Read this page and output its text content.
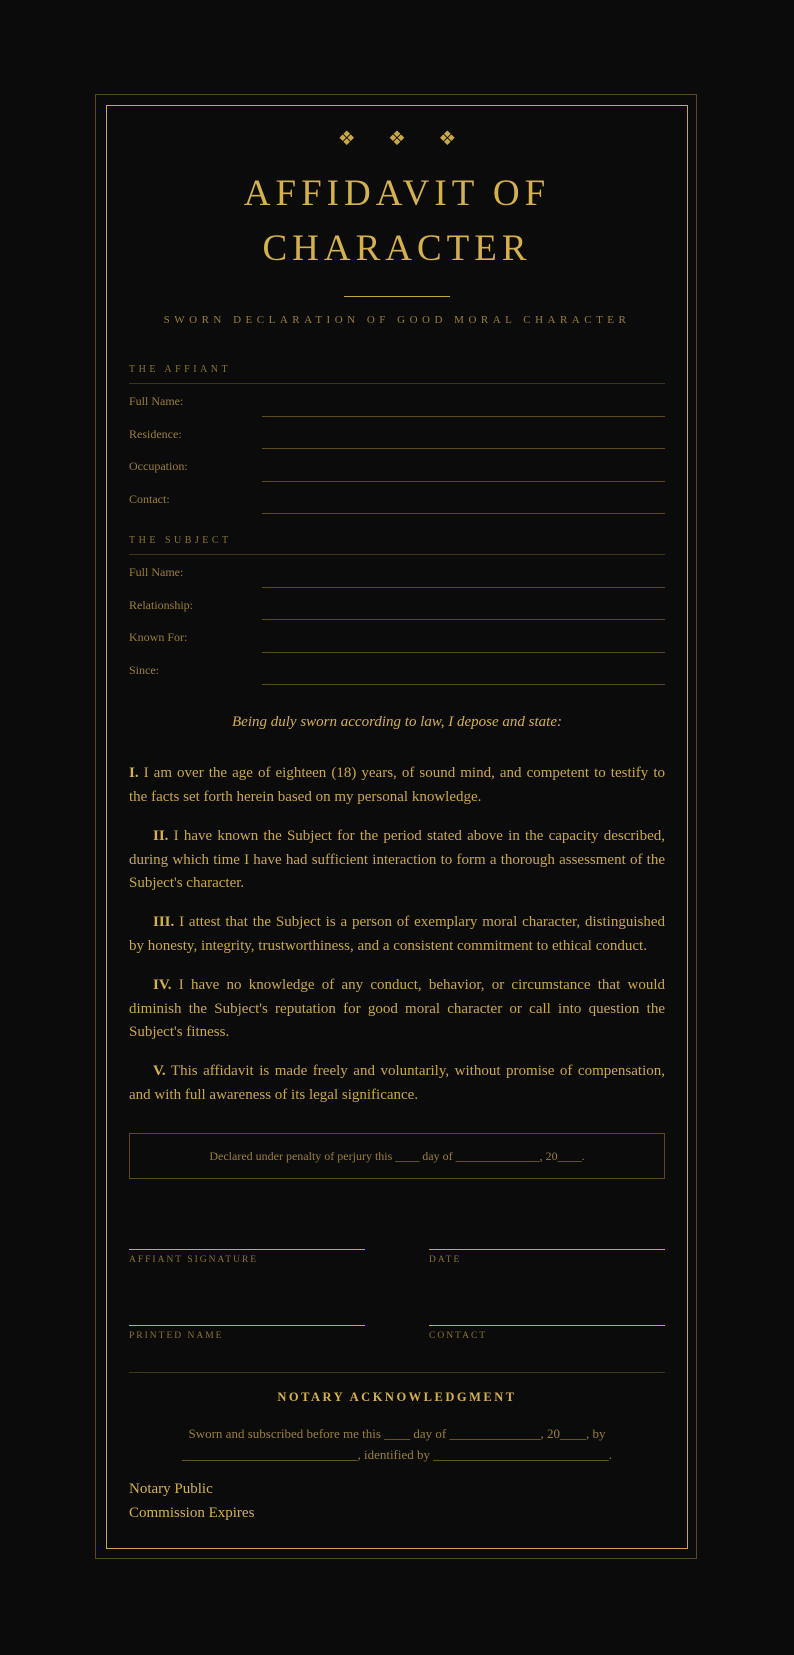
❖ ❖ ❖
AFFIDAVIT OF
CHARACTER
SWORN DECLARATION OF GOOD MORAL CHARACTER
THE AFFIANT
Full Name:
Residence:
Occupation:
Contact:
THE SUBJECT
Full Name:
Relationship:
Known For:
Since:
Being duly sworn according to law, I depose and state:
I. I am over the age of eighteen (18) years, of sound mind, and competent to testify to the facts set forth herein based on my personal knowledge.
II. I have known the Subject for the period stated above in the capacity described, during which time I have had sufficient interaction to form a thorough assessment of the Subject's character.
III. I attest that the Subject is a person of exemplary moral character, distinguished by honesty, integrity, trustworthiness, and a consistent commitment to ethical conduct.
IV. I have no knowledge of any conduct, behavior, or circumstance that would diminish the Subject's reputation for good moral character or call into question the Subject's fitness.
V. This affidavit is made freely and voluntarily, without promise of compensation, and with full awareness of its legal significance.
Declared under penalty of perjury this ____ day of ______________, 20____.
AFFIANT SIGNATURE	DATE
PRINTED NAME	CONTACT
NOTARY ACKNOWLEDGMENT
Sworn and subscribed before me this ____ day of ______________, 20____, by
___________________________, identified by ___________________________.
Notary Public
Commission Expires
